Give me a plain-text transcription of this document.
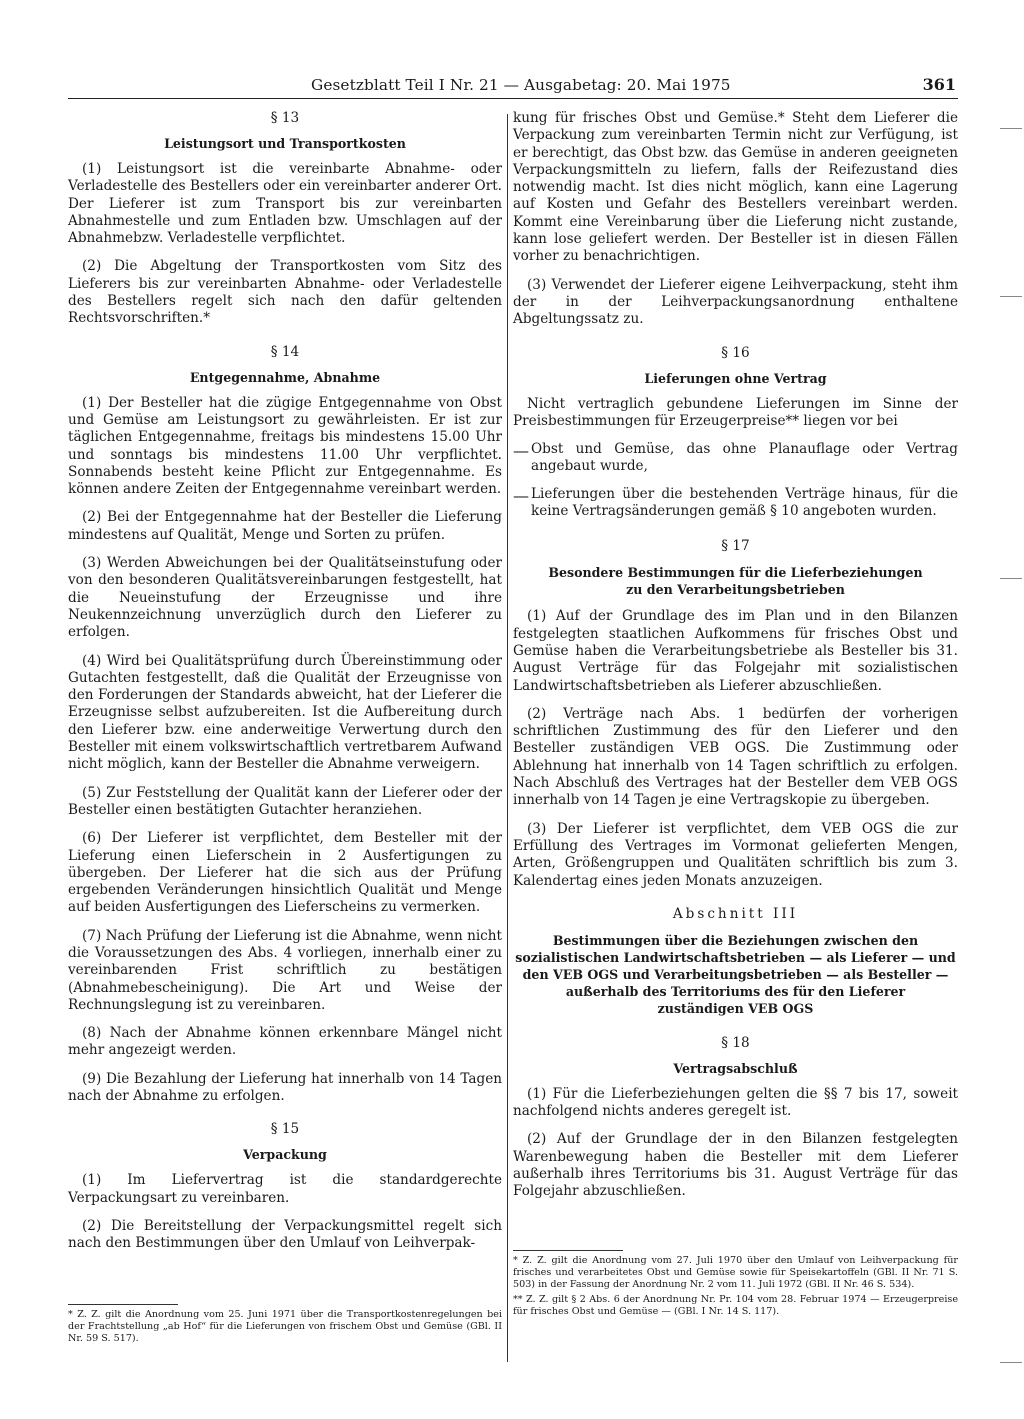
Gesetzblatt Teil I Nr. 21 — Ausgabetag: 20. Mai 1975	361
§ 13
Leistungsort und Transportkosten

(1) Leistungsort ist die vereinbarte Abnahme- oder Verladestelle des Bestellers oder ein vereinbarter anderer Ort. Der Lieferer ist zum Transport bis zur vereinbarten Abnahmestelle und zum Entladen bzw. Umschlagen auf der Abnahmebzw. Verladestelle verpflichtet.

(2) Die Abgeltung der Transportkosten vom Sitz des Lieferers bis zur vereinbarten Abnahme- oder Verladestelle des Bestellers regelt sich nach den dafür geltenden Rechtsvorschriften.*

§ 14
Entgegennahme, Abnahme

(1) Der Besteller hat die zügige Entgegennahme von Obst und Gemüse am Leistungsort zu gewährleisten. Er ist zur täglichen Entgegennahme, freitags bis mindestens 15.00 Uhr und sonntags bis mindestens 11.00 Uhr verpflichtet. Sonnabends besteht keine Pflicht zur Entgegennahme. Es können andere Zeiten der Entgegennahme vereinbart werden.

(2) Bei der Entgegennahme hat der Besteller die Lieferung mindestens auf Qualität, Menge und Sorten zu prüfen.

(3) Werden Abweichungen bei der Qualitätseinstufung oder von den besonderen Qualitätsvereinbarungen festgestellt, hat die Neueinstufung der Erzeugnisse und ihre Neukennzeichnung unverzüglich durch den Lieferer zu erfolgen.

(4) Wird bei Qualitätsprüfung durch Übereinstimmung oder Gutachten festgestellt, daß die Qualität der Erzeugnisse von den Forderungen der Standards abweicht, hat der Lieferer die Erzeugnisse selbst aufzubereiten. Ist die Aufbereitung durch den Lieferer bzw. eine anderweitige Verwertung durch den Besteller mit einem volkswirtschaftlich vertretbarem Aufwand nicht möglich, kann der Besteller die Abnahme verweigern.

(5) Zur Feststellung der Qualität kann der Lieferer oder der Besteller einen bestätigten Gutachter heranziehen.

(6) Der Lieferer ist verpflichtet, dem Besteller mit der Lieferung einen Lieferschein in 2 Ausfertigungen zu übergeben. Der Lieferer hat die sich aus der Prüfung ergebenden Veränderungen hinsichtlich Qualität und Menge auf beiden Ausfertigungen des Lieferscheins zu vermerken.

(7) Nach Prüfung der Lieferung ist die Abnahme, wenn nicht die Voraussetzungen des Abs. 4 vorliegen, innerhalb einer zu vereinbarenden Frist schriftlich zu bestätigen (Abnahmebescheinigung). Die Art und Weise der Rechnungslegung ist zu vereinbaren.

(8) Nach der Abnahme können erkennbare Mängel nicht mehr angezeigt werden.

(9) Die Bezahlung der Lieferung hat innerhalb von 14 Tagen nach der Abnahme zu erfolgen.

§ 15
Verpackung

(1) Im Liefervertrag ist die standardgerechte Verpackungsart zu vereinbaren.

(2) Die Bereitstellung der Verpackungsmittel regelt sich nach den Bestimmungen über den Umlauf von Leihverpak-

* Z. Z. gilt die Anordnung vom 25. Juni 1971 über die Transportkostenregelungen bei der Frachtstellung „ab Hof“ für die Lieferungen von frischem Obst und Gemüse (GBl. II Nr. 59 S. 517).

kung für frisches Obst und Gemüse.* Steht dem Lieferer die Verpackung zum vereinbarten Termin nicht zur Verfügung, ist er berechtigt, das Obst bzw. das Gemüse in anderen geeigneten Verpackungsmitteln zu liefern, falls der Reifezustand dies notwendig macht. Ist dies nicht möglich, kann eine Lagerung auf Kosten und Gefahr des Bestellers vereinbart werden. Kommt eine Vereinbarung über die Lieferung nicht zustande, kann lose geliefert werden. Der Besteller ist in diesen Fällen vorher zu benachrichtigen.

(3) Verwendet der Lieferer eigene Leihverpackung, steht ihm der in der Leihverpackungsanordnung enthaltene Abgeltungssatz zu.

§ 16
Lieferungen ohne Vertrag

Nicht vertraglich gebundene Lieferungen im Sinne der Preisbestimmungen für Erzeugerpreise** liegen vor bei

— Obst und Gemüse, das ohne Planauflage oder Vertrag angebaut wurde,

— Lieferungen über die bestehenden Verträge hinaus, für die keine Vertragsänderungen gemäß § 10 angeboten wurden.

§ 17
Besondere Bestimmungen für die Lieferbeziehungen
zu den Verarbeitungsbetrieben

(1) Auf der Grundlage des im Plan und in den Bilanzen festgelegten staatlichen Aufkommens für frisches Obst und Gemüse haben die Verarbeitungsbetriebe als Besteller bis 31. August Verträge für das Folgejahr mit sozialistischen Landwirtschaftsbetrieben als Lieferer abzuschließen.

(2) Verträge nach Abs. 1 bedürfen der vorherigen schriftlichen Zustimmung des für den Lieferer und den Besteller zuständigen VEB OGS. Die Zustimmung oder Ablehnung hat innerhalb von 14 Tagen schriftlich zu erfolgen. Nach Abschluß des Vertrages hat der Besteller dem VEB OGS innerhalb von 14 Tagen je eine Vertragskopie zu übergeben.

(3) Der Lieferer ist verpflichtet, dem VEB OGS die zur Erfüllung des Vertrages im Vormonat gelieferten Mengen, Arten, Größengruppen und Qualitäten schriftlich bis zum 3. Kalendertag eines jeden Monats anzuzeigen.

Abschnitt III
Bestimmungen über die Beziehungen zwischen den
sozialistischen Landwirtschaftsbetrieben — als Lieferer — und
den VEB OGS und Verarbeitungsbetrieben — als Besteller —
außerhalb des Territoriums des für den Lieferer
zuständigen VEB OGS
§ 18
Vertragsabschluß

(1) Für die Lieferbeziehungen gelten die §§ 7 bis 17, soweit nachfolgend nichts anderes geregelt ist.

(2) Auf der Grundlage der in den Bilanzen festgelegten Warenbewegung haben die Besteller mit dem Lieferer außerhalb ihres Territoriums bis 31. August Verträge für das Folgejahr abzuschließen.

* Z. Z. gilt die Anordnung vom 27. Juli 1970 über den Umlauf von Leihverpackung für frisches und verarbeitetes Obst und Gemüse sowie für Speisekartoffeln (GBl. II Nr. 71 S. 503) in der Fassung der Anordnung Nr. 2 vom 11. Juli 1972 (GBl. II Nr. 46 S. 534).

** Z. Z. gilt § 2 Abs. 6 der Anordnung Nr. Pr. 104 vom 28. Februar 1974 — Erzeugerpreise für frisches Obst und Gemüse — (GBl. I Nr. 14 S. 117).
